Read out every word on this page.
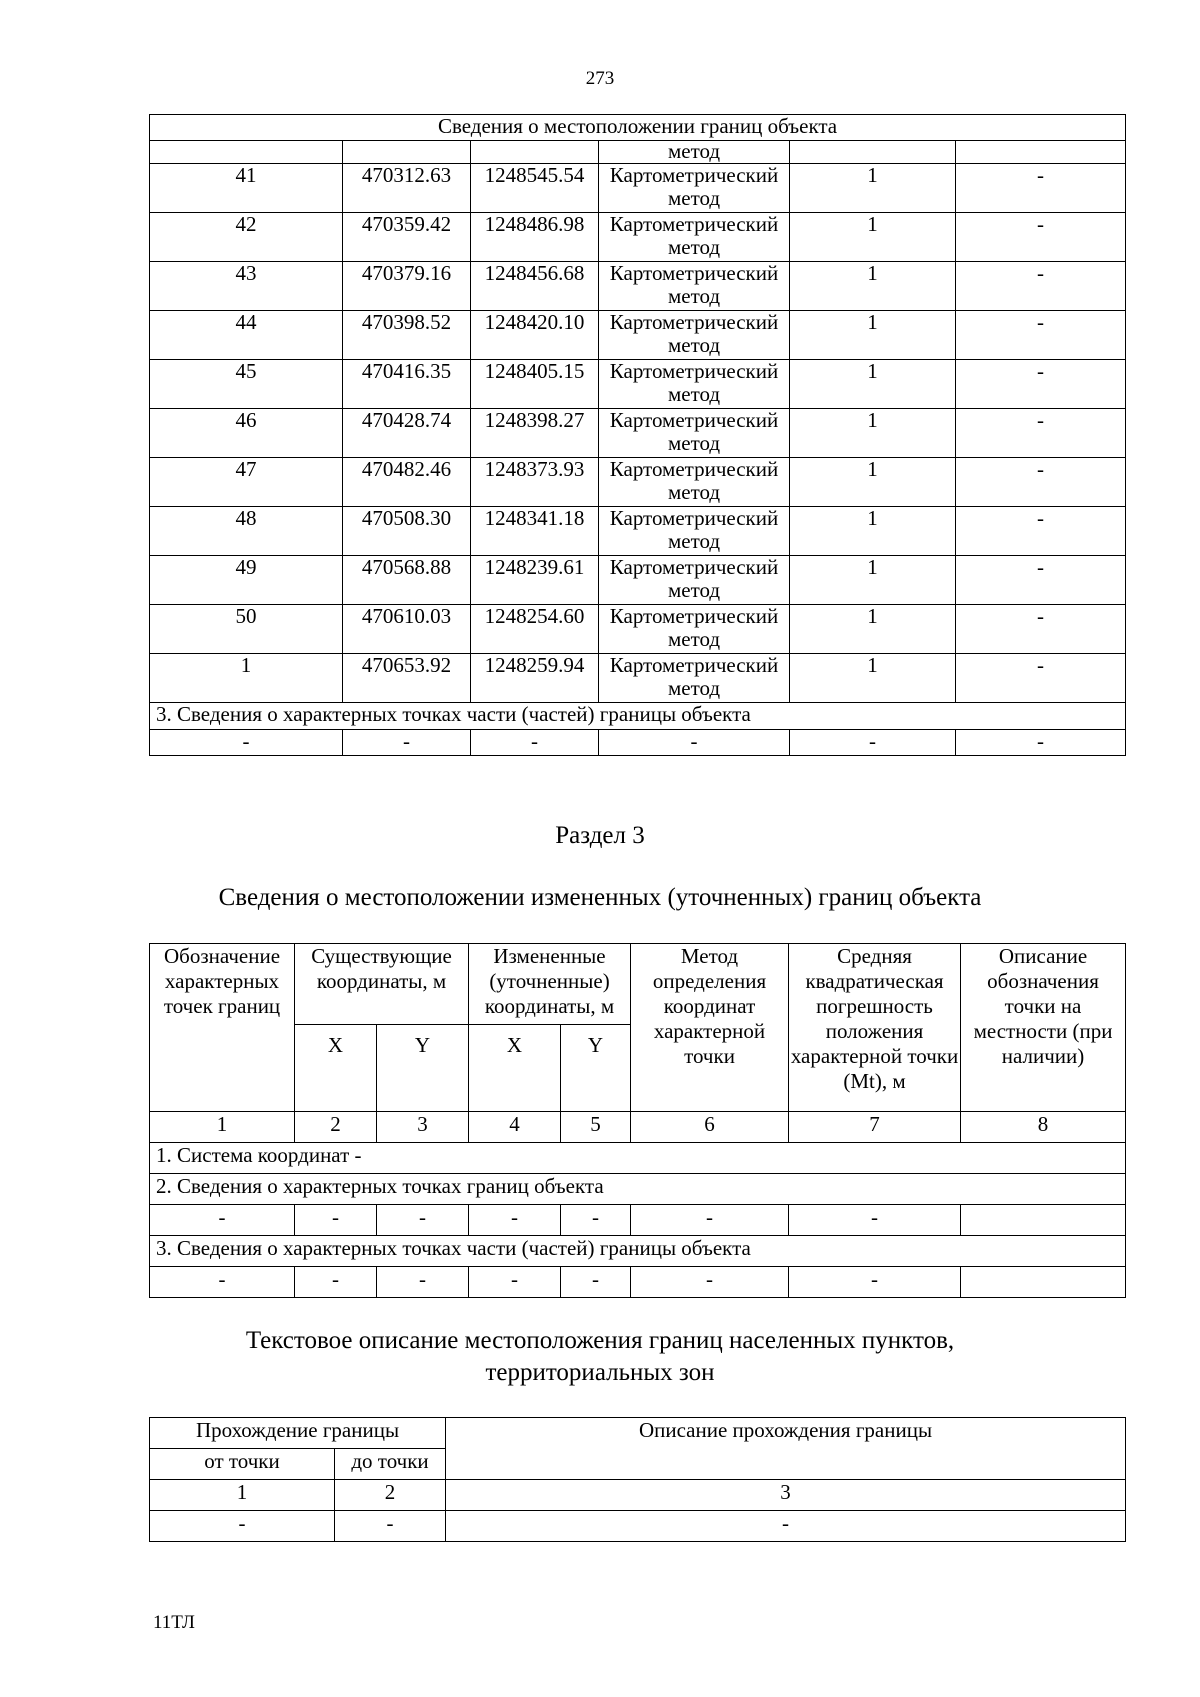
273
Сведения о местоположении границ объекта					
			метод		
41	470312.63	1248545.54	Картометрический метод	1	-
42	470359.42	1248486.98	Картометрический метод	1	-
43	470379.16	1248456.68	Картометрический метод	1	-
44	470398.52	1248420.10	Картометрический метод	1	-
45	470416.35	1248405.15	Картометрический метод	1	-
46	470428.74	1248398.27	Картометрический метод	1	-
47	470482.46	1248373.93	Картометрический метод	1	-
48	470508.30	1248341.18	Картометрический метод	1	-
49	470568.88	1248239.61	Картометрический метод	1	-
50	470610.03	1248254.60	Картометрический метод	1	-
1	470653.92	1248259.94	Картометрический метод	1	-
3. Сведения о характерных точках части (частей) границы объекта					
-	-	-	-	-	-
Раздел 3
Сведения о местоположении измененных (уточненных) границ объекта
Обозначение характерных точек границ	Существующие координаты, м		Измененные (уточненные) координаты, м		Метод определения координат характерной точки	Средняя квадратическая погрешность положения характерной точки (Mt), м	Описание обозначения точки на местности (при наличии)
	X	Y	X	Y			
1	2	3	4	5	6	7	8
1. Система координат -							
2. Сведения о характерных точках границ объекта							
-	-	-	-	-	-	-	
3. Сведения о характерных точках части (частей) границы объекта							
-	-	-	-	-	-	-	
Текстовое описание местоположения границ населенных пунктов,
территориальных зон
Прохождение границы		Описание прохождения границы
от точки	до точки	
1	2	3
-	-	-
11ТЛ
